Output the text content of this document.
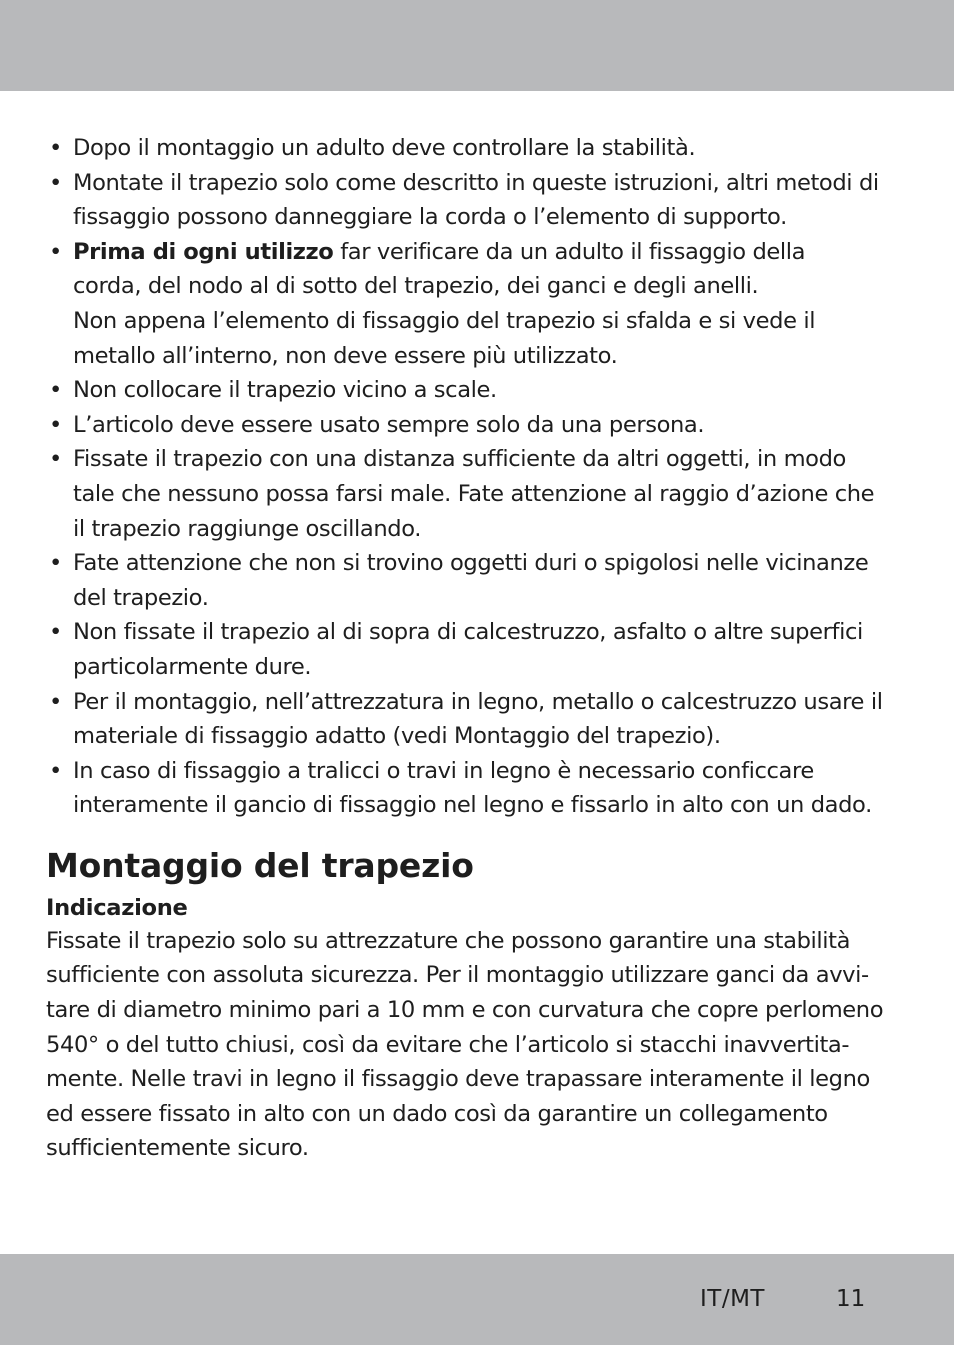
• Dopo il montaggio un adulto deve controllare la stabilità.
• Montate il trapezio solo come descritto in queste istruzioni, altri metodi di
fissaggio possono danneggiare la corda o l’elemento di supporto.
• Prima di ogni utilizzo far verificare da un adulto il fissaggio della
corda, del nodo al di sotto del trapezio, dei ganci e degli anelli.
Non appena l’elemento di fissaggio del trapezio si sfalda e si vede il
metallo all’interno, non deve essere più utilizzato.
• Non collocare il trapezio vicino a scale.
• L’articolo deve essere usato sempre solo da una persona.
• Fissate il trapezio con una distanza sufficiente da altri oggetti, in modo
tale che nessuno possa farsi male. Fate attenzione al raggio d’azione che
il trapezio raggiunge oscillando.
• Fate attenzione che non si trovino oggetti duri o spigolosi nelle vicinanze
del trapezio.
• Non fissate il trapezio al di sopra di calcestruzzo, asfalto o altre superfici
particolarmente dure.
• Per il montaggio, nell’attrezzatura in legno, metallo o calcestruzzo usare il
materiale di fissaggio adatto (vedi Montaggio del trapezio).
• In caso di fissaggio a tralicci o travi in legno è necessario conficcare
interamente il gancio di fissaggio nel legno e fissarlo in alto con un dado.
Montaggio del trapezio
Indicazione
Fissate il trapezio solo su attrezzature che possono garantire una stabilità
sufficiente con assoluta sicurezza. Per il montaggio utilizzare ganci da avvi-
tare di diametro minimo pari a 10 mm e con curvatura che copre perlomeno
540° o del tutto chiusi, così da evitare che l’articolo si stacchi inavvertita-
mente. Nelle travi in legno il fissaggio deve trapassare interamente il legno
ed essere fissato in alto con un dado così da garantire un collegamento
sufficientemente sicuro.
IT/MT	11
